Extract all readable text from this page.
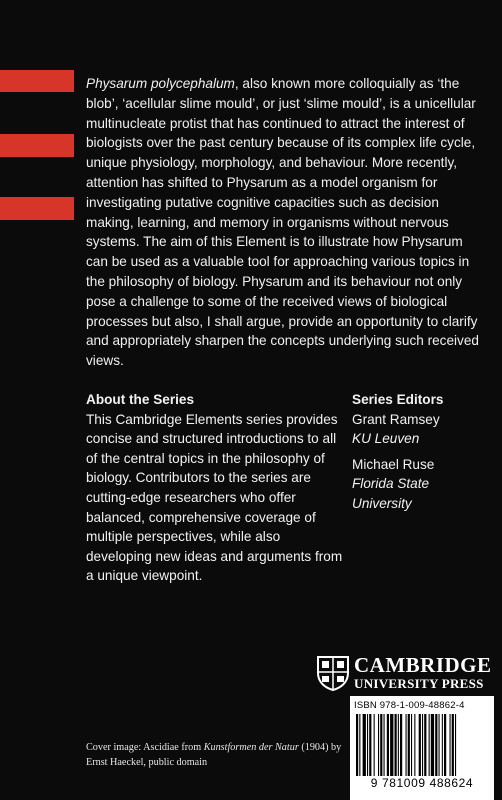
Physarum polycephalum, also known more colloquially as ‘the blob’, ‘acellular slime mould’, or just ‘slime mould’, is a unicellular multinucleate protist that has continued to attract the interest of biologists over the past century because of its complex life cycle, unique physiology, morphology, and behaviour. More recently, attention has shifted to Physarum as a model organism for investigating putative cognitive capacities such as decision making, learning, and memory in organisms without nervous systems. The aim of this Element is to illustrate how Physarum can be used as a valuable tool for approaching various topics in the philosophy of biology. Physarum and its behaviour not only pose a challenge to some of the received views of biological processes but also, I shall argue, provide an opportunity to clarify and appropriately sharpen the concepts underlying such received views.
About the Series

This Cambridge Elements series provides concise and structured introductions to all of the central topics in the philosophy of biology. Contributors to the series are cutting-edge researchers who offer balanced, comprehensive coverage of multiple perspectives, while also developing new ideas and arguments from a unique viewpoint.

Series Editors
Grant Ramsey
KU Leuven
Michael Ruse
Florida State University
CAMBRIDGE
UNIVERSITY PRESS
ISBN 978-1-009-48862-4
9 781009 488624
Cover image: Ascidiae from Kunstformen der Natur (1904) by Ernst Haeckel, public domain
